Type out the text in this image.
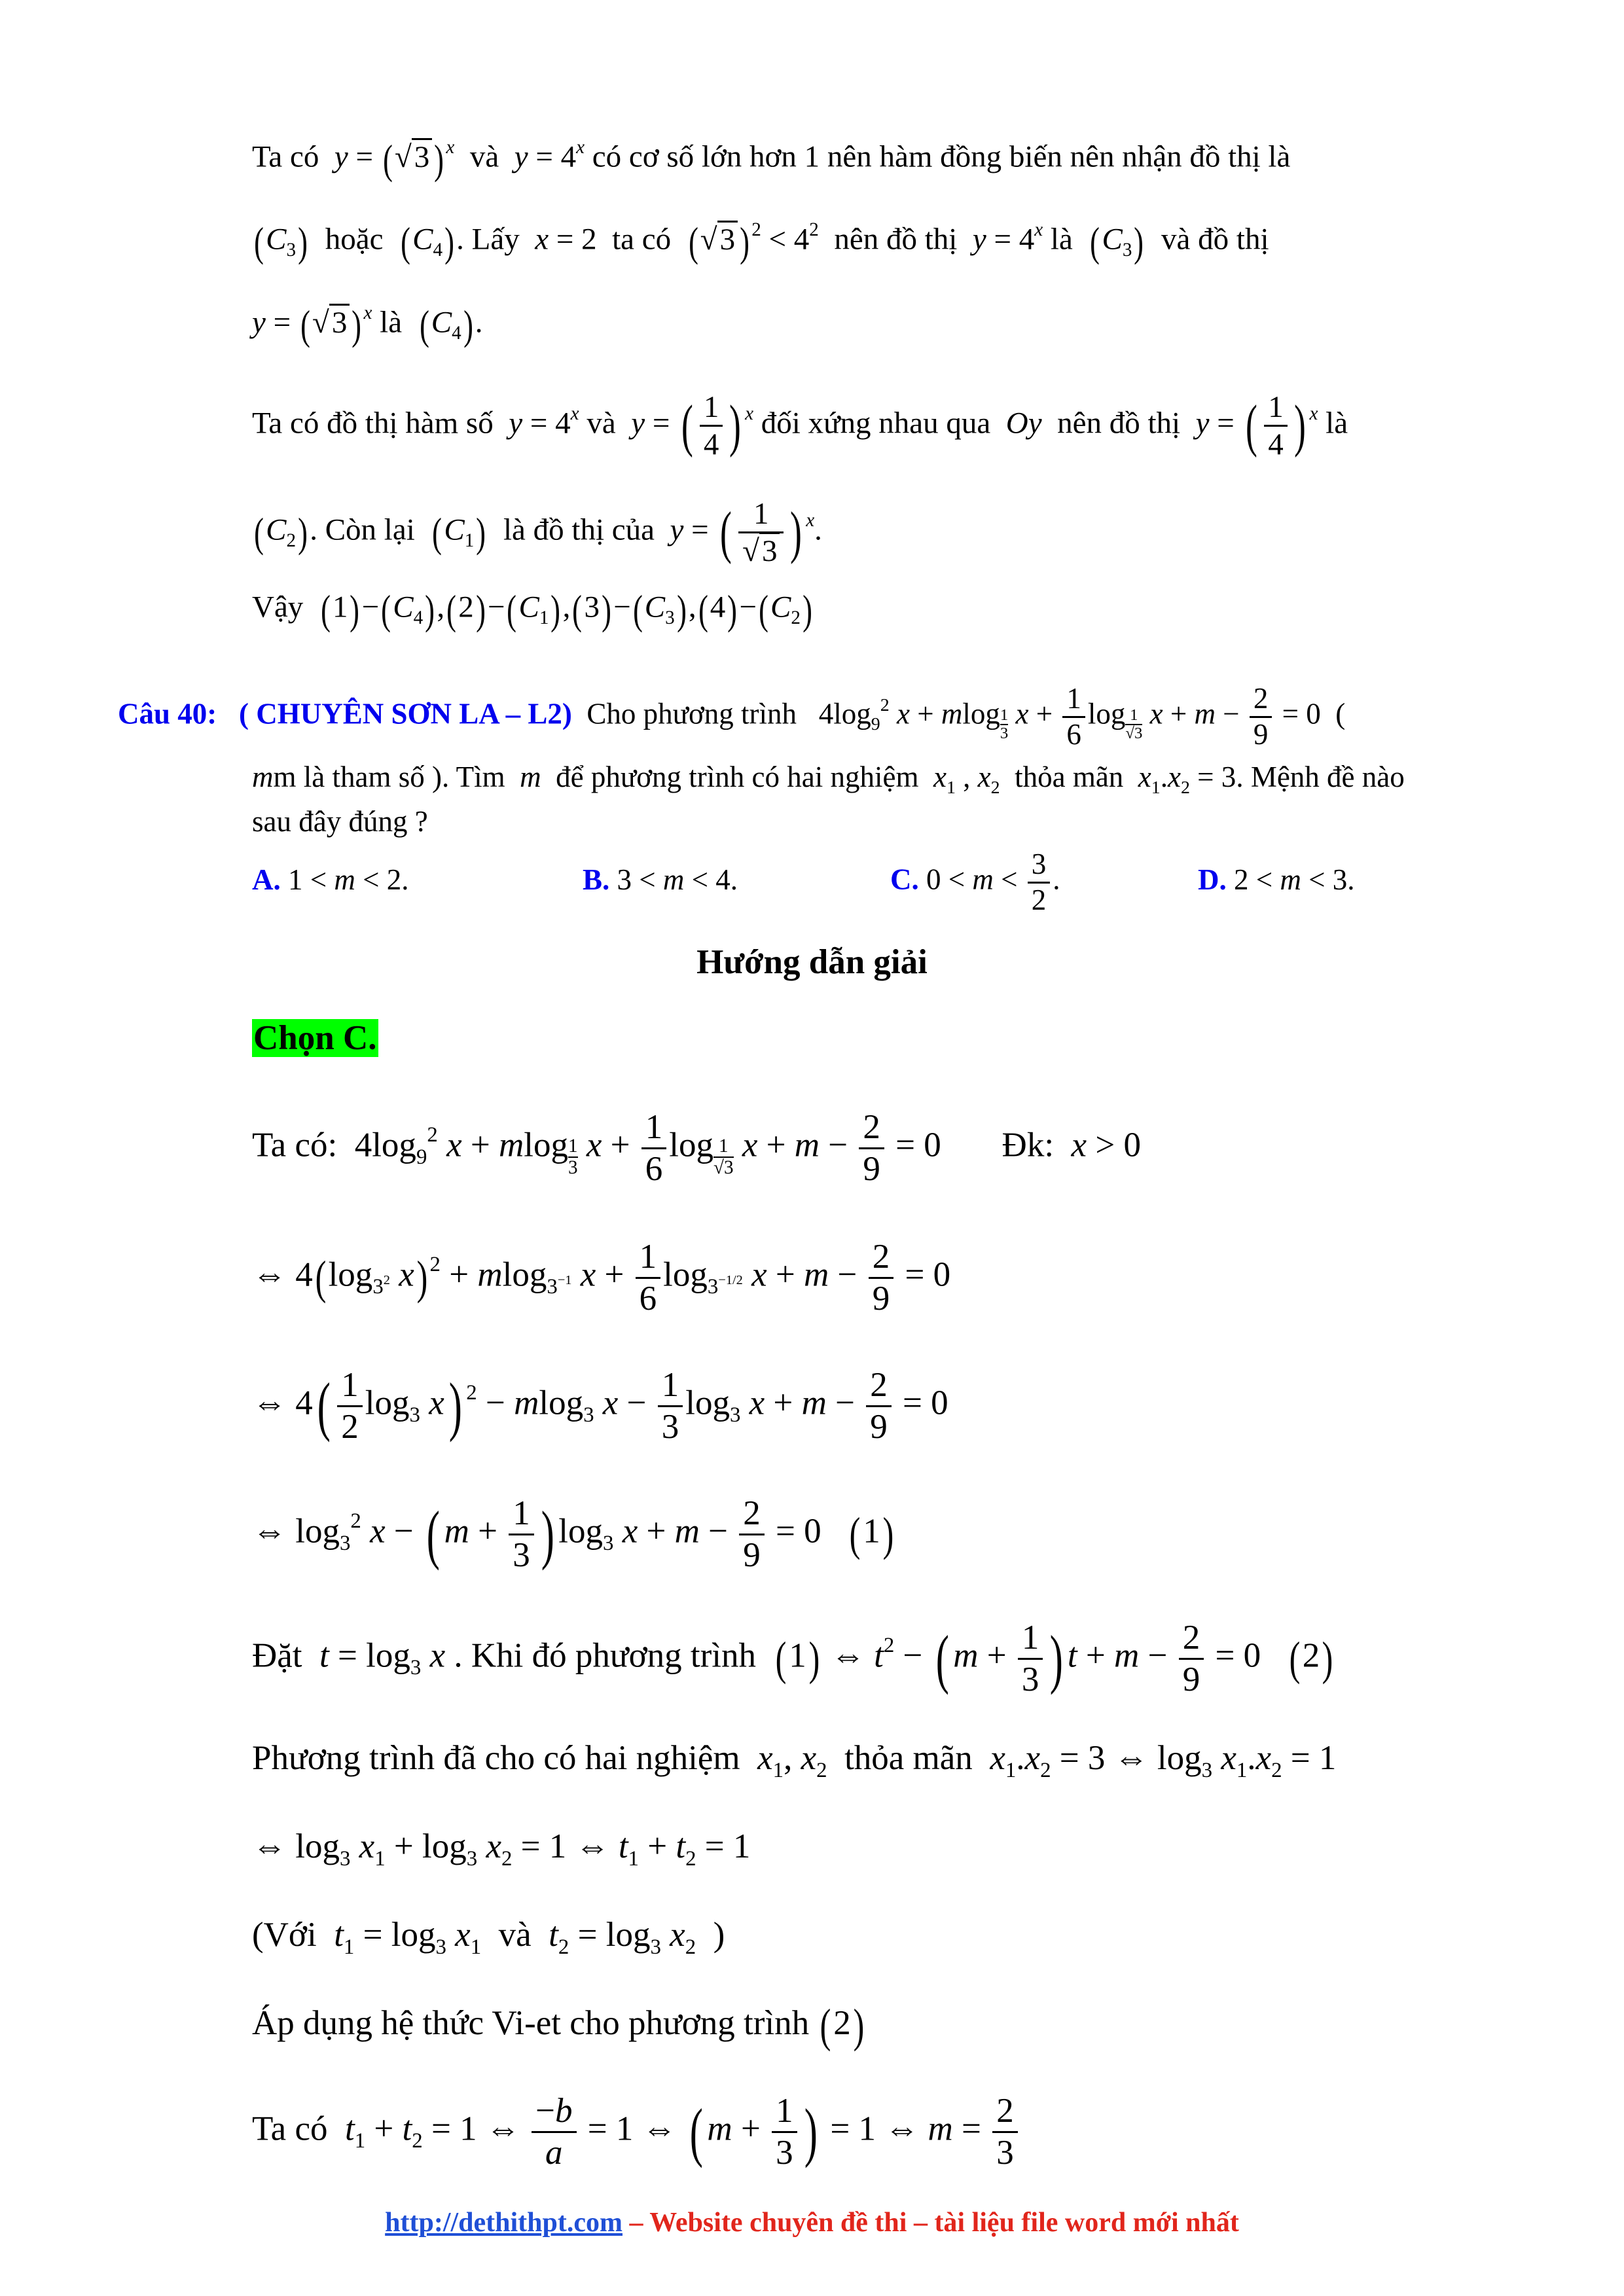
Ta có y = (√3 ) $^x$ và $y = 4^x$ có cơ số lớn hơn 1 nên hàm đồng biến nên nhận đồ thị là
$(C_3)$ hoặc $(C_4)$. Lấy x = 2  ta có (√3 ) $^2 < 4^2$ nên đồ thị $y = 4^x$ là $(C_3)$ và đồ thị
y = (√3 ) $^x$ là $(C_4)$.
Ta có đồ thị hàm số $y = 4^x$ và y = ( $\frac{1}{4}$ ) $^x$ đối xứng nhau qua Oy nên đồ thị y = ( $\frac{1}{4}$ ) $^x$ là
$(C_2)$. Còn lại $(C_1)$ là đồ thị của y = ( $\frac{1}{√3}$ ) $^x$.
Vậy $(1)-(C_4),(2)-(C_1),(3)-(C_3),(4)-(C_2)$
Câu 40: ( CHUYÊN SƠN LA – L2) Cho phương trình   $4\log_9^2$ x + mlog $\frac{1}{3}$ $x + \frac{1}{6}$ $\log \frac{1}{√3}$ $x + m - \frac{2}{9} = 0$  (
mm là tham số ). Tìm m để phương trình có hai nghiệm $x_1$ , $x_2$ thỏa mãn $x_1.x_2 = 3$. Mệnh đề nào
sau đây đúng ?
A. 1 < m < 2.	B. 3 < m < 4.	C. $0 < m < \frac{3}{2}$ .	D. 2 < m < 3.
Hướng dẫn giải
Chọn C.
Ta có:  $4\log_9^2$ x + mlog $\frac{1}{3}$ $x + \frac{1}{6}$ $\log \frac{1}{√3}$ $x + m - \frac{2}{9} = 0$       Đk: x > 0
⇔ $4(\log_{3^2}$ x) $^2$ + mlog$_{3^{-1}}$ $x + \frac{1}{6} \log_{3^{-1/2}} x + m - \frac{2}{9} = 0$
⇔ $4( \frac{1}{2} \log_3 x)$ $^2$ − mlog$_3$ $x - \frac{1}{3} \log_3 x + m - \frac{2}{9} = 0$
⇔ $\log_3^2 x$ − ( $m + \frac{1}{3}$ ) $\log_3 x + m - \frac{2}{9} = 0$   (1)
Đặt $t = \log_3 x$ . Khi đó phương trình (1) ⇔ $t^2$ − ( $m + \frac{1}{3}$ ) $t + m - \frac{2}{9} = 0$   (2)
Phương trình đã cho có hai nghiệm $x_1$, $x_2$ thỏa mãn $x_1.x_2 = 3$ ⇔ $\log_3 x_1.x_2 = 1$
⇔ $\log_3 x_1 + \log_3 x_2 = 1$ ⇔ $t_1 + t_2 = 1$
(Với $t_1 = \log_3 x_1$ và $t_2 = \log_3 x_2$  )
Áp dụng hệ thức Vi-et cho phương trình (2)
Ta có $t_1 + t_2 = 1$ ⇔ $\frac{-b}{a} = 1$ ⇔ ( $m + \frac{1}{3}$ ) = 1 ⇔ $m = \frac{2}{3}$
http://dethithpt.com – Website chuyên đề thi – tài liệu file word mới nhất
